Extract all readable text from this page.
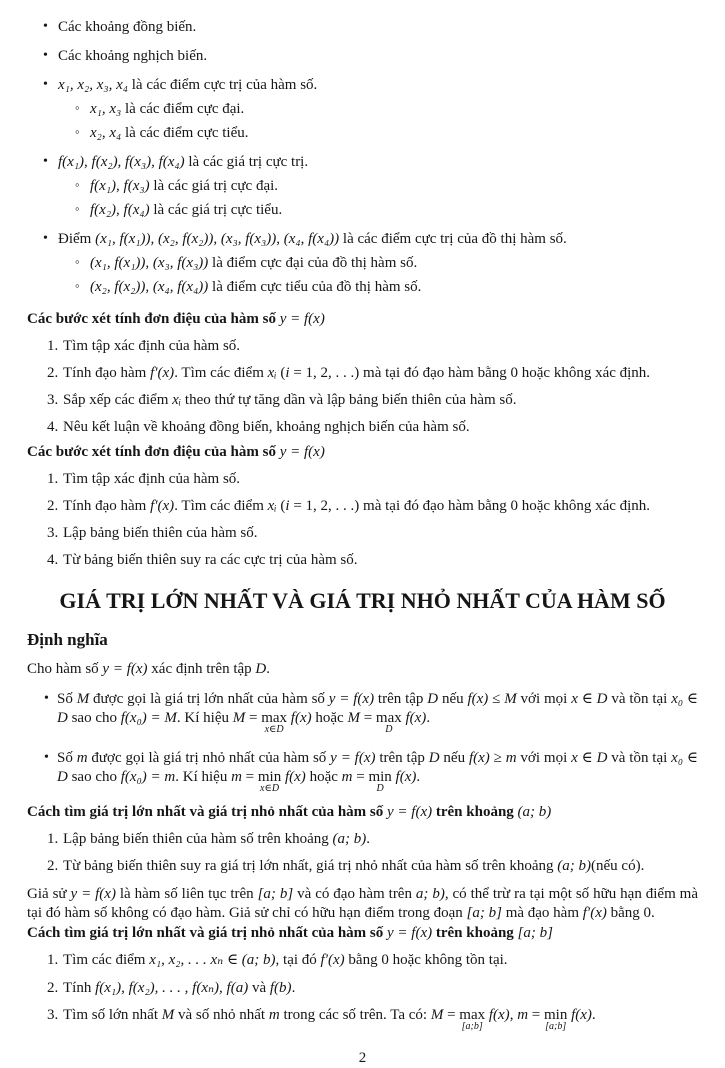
• Các khoảng đồng biến.
• Các khoảng nghịch biến.
• x₁, x₂, x₃, x₄ là các điểm cực trị của hàm số.
◦ x₁, x₃ là các điểm cực đại.
◦ x₂, x₄ là các điểm cực tiểu.
• f(x₁), f(x₂), f(x₃), f(x₄) là các giá trị cực trị.
◦ f(x₁), f(x₃) là các giá trị cực đại.
◦ f(x₂), f(x₄) là các giá trị cực tiểu.
• Điểm (x₁, f(x₁)), (x₂, f(x₂)), (x₃, f(x₃)), (x₄, f(x₄)) là các điểm cực trị của đồ thị hàm số.
◦ (x₁, f(x₁)), (x₃, f(x₃)) là điểm cực đại của đồ thị hàm số.
◦ (x₂, f(x₂)), (x₄, f(x₄)) là điểm cực tiểu của đồ thị hàm số.
Các bước xét tính đơn điệu của hàm số y = f(x)
1. Tìm tập xác định của hàm số.
2. Tính đạo hàm f′(x). Tìm các điểm xᵢ (i = 1, 2, . . .) mà tại đó đạo hàm bằng 0 hoặc không xác định.
3. Sắp xếp các điểm xᵢ theo thứ tự tăng dần và lập bảng biến thiên của hàm số.
4. Nêu kết luận về khoảng đồng biến, khoảng nghịch biến của hàm số.
Các bước xét tính đơn điệu của hàm số y = f(x)
1. Tìm tập xác định của hàm số.
2. Tính đạo hàm f′(x). Tìm các điểm xᵢ (i = 1, 2, . . .) mà tại đó đạo hàm bằng 0 hoặc không xác định.
3. Lập bảng biến thiên của hàm số.
4. Từ bảng biến thiên suy ra các cực trị của hàm số.
GIÁ TRỊ LỚN NHẤT VÀ GIÁ TRỊ NHỎ NHẤT CỦA HÀM SỐ
Định nghĩa
Cho hàm số y = f(x) xác định trên tập D.
• Số M được gọi là giá trị lớn nhất của hàm số y = f(x) trên tập D nếu f(x) ≤ M với mọi x ∈ D và tồn tại x₀ ∈ D sao cho f(x₀) = M. Kí hiệu M = max
x∈D
f(x) hoặc M = max
D
f(x).
• Số m được gọi là giá trị nhỏ nhất của hàm số y = f(x) trên tập D nếu f(x) ≥ m với mọi x ∈ D và tồn tại x₀ ∈ D sao cho f(x₀) = m. Kí hiệu m = min
x∈D
f(x) hoặc m = min
D
f(x).
Cách tìm giá trị lớn nhất và giá trị nhỏ nhất của hàm số y = f(x) trên khoảng (a; b)
1. Lập bảng biến thiên của hàm số trên khoảng (a; b).
2. Từ bảng biến thiên suy ra giá trị lớn nhất, giá trị nhỏ nhất của hàm số trên khoảng (a; b)(nếu có).
Giả sử y = f(x) là hàm số liên tục trên [a; b] và có đạo hàm trên a; b), có thể trừ ra tại một số hữu hạn điểm mà tại đó hàm số không có đạo hàm. Giả sử chỉ có hữu hạn điểm trong đoạn [a; b] mà đạo hàm f′(x) bằng 0.
Cách tìm giá trị lớn nhất và giá trị nhỏ nhất của hàm số y = f(x) trên khoảng [a; b]
1. Tìm các điểm x₁, x₂, . . . xₙ ∈ (a; b), tại đó f′(x) bằng 0 hoặc không tồn tại.
2. Tính f(x₁), f(x₂), . . . , f(xₙ), f(a) và f(b).
3. Tìm số lớn nhất M và số nhỏ nhất m trong các số trên. Ta có: M = max
[a;b]
f(x), m = min
[a;b]
f(x).
2
